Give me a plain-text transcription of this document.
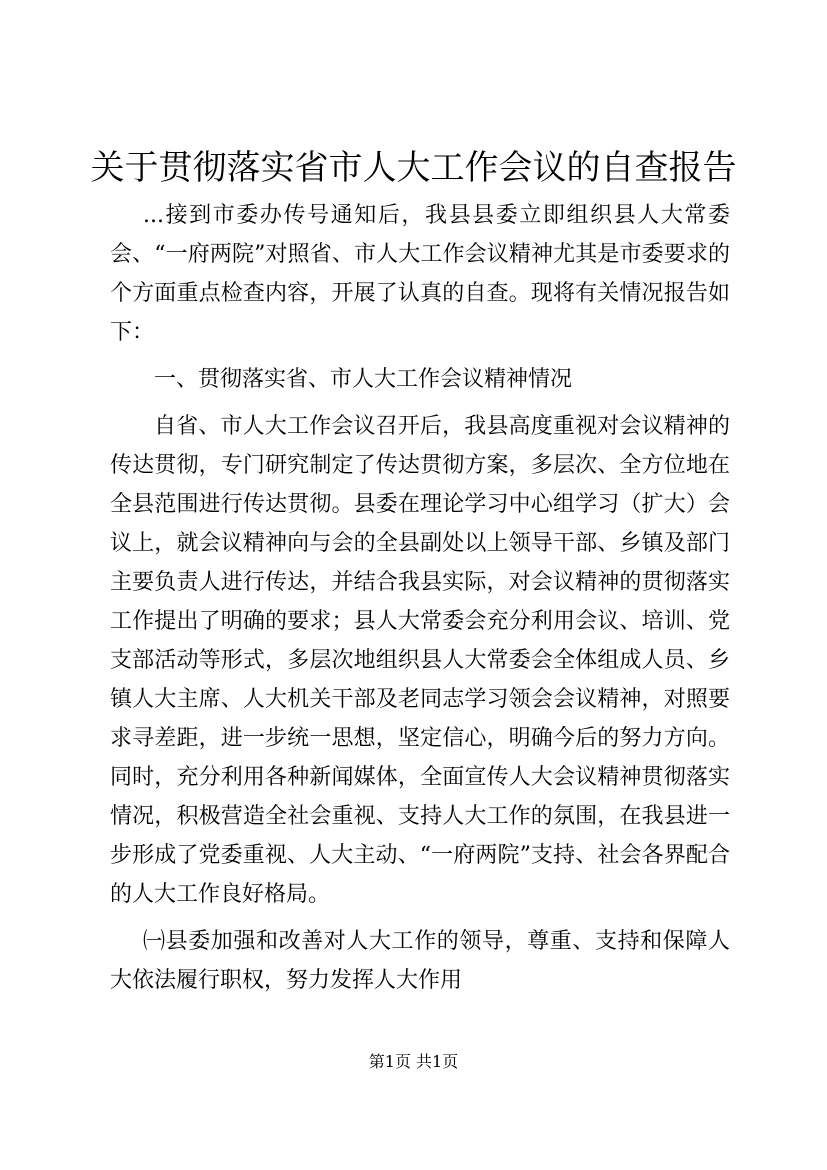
关于贯彻落实省市人大工作会议的自查报告

...接到市委办传号通知后，我县县委立即组织县人大常委会、“一府两院”对照省、市人大工作会议精神尤其是市委要求的个方面重点检查内容，开展了认真的自查。现将有关情况报告如下：

一、贯彻落实省、市人大工作会议精神情况

自省、市人大工作会议召开后，我县高度重视对会议精神的传达贯彻，专门研究制定了传达贯彻方案，多层次、全方位地在全县范围进行传达贯彻。县委在理论学习中心组学习（扩大）会议上，就会议精神向与会的全县副处以上领导干部、乡镇及部门主要负责人进行传达，并结合我县实际，对会议精神的贯彻落实工作提出了明确的要求；县人大常委会充分利用会议、培训、党支部活动等形式，多层次地组织县人大常委会全体组成人员、乡镇人大主席、人大机关干部及老同志学习领会会议精神，对照要求寻差距，进一步统一思想，坚定信心，明确今后的努力方向。同时，充分利用各种新闻媒体，全面宣传人大会议精神贯彻落实情况，积极营造全社会重视、支持人大工作的氛围，在我县进一步形成了党委重视、人大主动、“一府两院”支持、社会各界配合的人大工作良好格局。

㈠县委加强和改善对人大工作的领导，尊重、支持和保障人大依法履行职权，努力发挥人大作用

第1页 共1页
